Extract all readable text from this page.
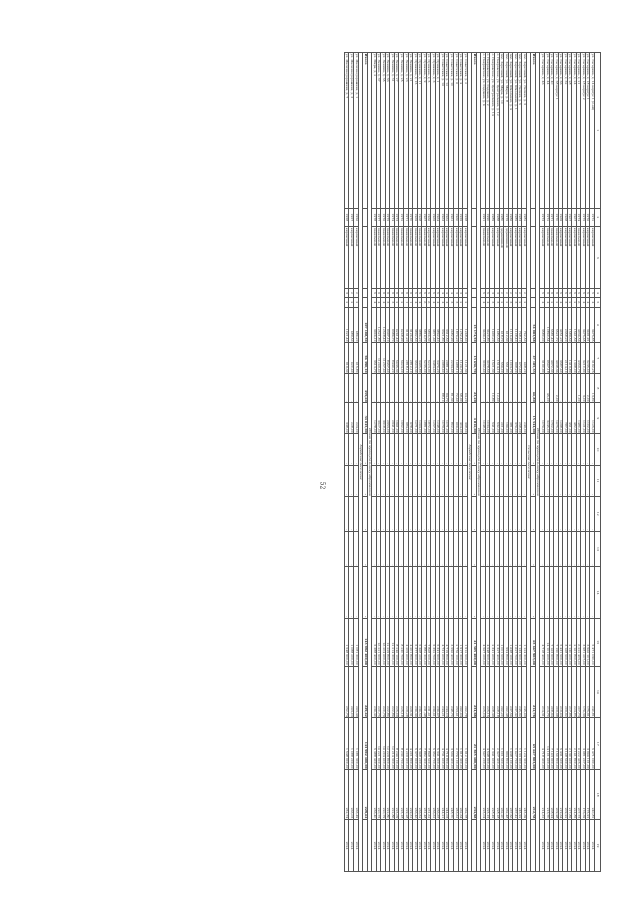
52
1	2	3	4	5	6	7	8	9	10	11	12	13	14	15	16	17	18	19
ул. Гагарина, д. 14 корпус 1 (2-ой)	1972	кирпичный	5	4	3675,85	3192,25	13,80	1125,00	-	-	-	-	-	5 471 090,00	240,81	5 471 090,00	240,81	2024
ул. Гагарина, д. 18 корпус 1	1976	кирпичный	5	4	3691,91	3235,40	2,00	1102,00	-	-	-	-	-	3 966 101,00	175,91	3 966 101,00	175,91	2024
ул. Гагарина, д. 18 корпус 2	1975	кирпичный	5	4	3675,65	3210,90	3,00	1121,00	-	-	-	-	-	3 981 207,00	176,39	3 981 207,00	176,39	2024
ул. Гагарина, д. 21	1974	панельный	5	6	4936,56	4359,76	1,00	1480,00	-	-	-	-	-	6 222 405,00	207,73	6 222 405,00	207,73	2024
ул. Гагарина, д. 24	1967	кирпичный	5	2	1561,50	1398,00	-	482,00	-	-	-	-	-	2 161 800,00	224,85	2 161 800,00	224,85	2024
ул. Гагарина, д. 28	1967	кирпичный	5	2	1589,50	1419,80	-	451,00	-	-	-	-	-	2 130 600,00	217,85	2 130 600,00	217,85	2024
ул. Гагарина, д. 32	1968	кирпичный	5	3	2358,20	2114,10	-	787,00	-	-	-	-	-	3 168 500,00	209,92	3 168 500,00	209,92	2024
ул. Гагарина, д. 36	1969	кирпичный	5	4	4051,20	3587,40	-	1298,00	-	-	-	-	-	5 431 500,00	219,64	5 431 500,00	219,64	2024
ул. Гагарина, д. 38 корпус 1	1970	панельный	9	2	5521,72	4938,34	2,00	1675,00	-	-	-	-	-	7 150 800,00	209,98	7 150 800,00	209,98	2024
ул. Гагарина, д. 40	1971	панельный	9	2	5581,40	4972,30	-	1702,00	-	-	-	-	-	7 163 900,00	208,94	7 163 900,00	208,94	2024
ул. Гагарина, д. 44	1972	панельный	9	4	10860,54	9567,18	45,00	3245,00	-	-	-	-	-	14 101 600,00	213,70	14 101 600,00	213,70	2024
ул. Гагарина, д. 46	1973	кирпичный	5	4	3580,00	3190,90	-	1076,00	-	-	-	-	-	4 718 400,00	214,31	4 718 400,00	214,31	2024
Итого по муниципальному образованию																		
Итого					54 083,98	47 185,33	66,80	15 544,00	-	-	-	-	-	65 667 903,00	212,78	65 667 903,00	212,78	
Сельское поселение																		
пос. Заречный, ул. Лесная, д. 3	1982	кирпичный	2	2	742,50	668,20	-	249,00	-	-	-	-	-	1 124 300,00	245,69	1 124 300,00	245,69	2024
пос. Заречный, ул. Лесная, д. 5	1983	кирпичный	2	2	748,10	672,40	-	258,00	-	-	-	-	-	1 133 900,00	245,92	1 133 900,00	245,92	2024
пос. Заречный, ул. Школьная, д. 1	1985	кирпичный	2	3	1108,40	998,20	-	376,00	-	-	-	-	-	1 627 700,00	237,42	1 627 700,00	237,42	2024
пос. Заречный, ул. Школьная, д. 4	1986	кирпичный	2	3	1114,90	1003,70	-	381,00	-	-	-	-	-	1 638 100,00	237,56	1 638 100,00	237,56	2024
пос. Заречный, ул. Мира, д. 8	1979	деревянный	2	2	612,30	551,90	-	196,00	-	-	-	-	-	994 800,00	262,48	994 800,00	262,48	2024
пос. Заречный, ул. Мира, д. 10	1980	деревянный	2	2	618,70	556,00	-	201,00	-	-	-	-	-	1 001 500,00	262,20	1 001 500,00	262,20	2024
с. Покровское, ул. Центральная, д. 12	1988	кирпичный	3	3	1682,50	1514,10	12,40	532,00	-	-	-	-	-	2 327 400,00	228,18	2 327 400,00	228,18	2024
с. Покровское, ул. Центральная, д. 14	1989	кирпичный	3	3	1690,20	1521,30	10,80	541,00	-	-	-	-	-	2 341 600,00	228,49	2 341 600,00	228,49	2024
с. Покровское, ул. Садовая, д. 2	1990	панельный	5	4	3420,80	3078,50	-	1034,00	-	-	-	-	-	4 548 900,00	225,15	4 548 900,00	225,15	2024
с. Покровское, ул. Садовая, д. 6	1991	панельный	5	4	3436,10	3092,40	-	1048,00	-	-	-	-	-	4 567 200,00	225,04	4 567 200,00	225,04	2024
Итого по муниципальному образованию																		
Итого					15 174,50	13 656,70	23,20	4 816,00	-	-	-	-	-	21 305 400,00	234,98	21 305 400,00	234,98	
Городское поселение																		
ул. Советская, д. 2	1958	кирпичный	3	2	1248,60	1121,30	64,20	398,00	-	-	-	-	-	1 912 500,00	262,78	1 912 500,00	262,78	2024
ул. Советская, д. 4	1959	кирпичный	3	2	1252,40	1126,70	58,90	404,00	-	-	-	-	-	1 917 300,00	262,64	1 917 300,00	262,64	2024
ул. Советская, д. 6	1960	кирпичный	3	3	1876,20	1688,10	72,40	606,00	-	-	-	-	-	2 776 100,00	253,61	2 776 100,00	253,61	2024
ул. Советская, д. 10	1961	кирпичный	4	3	2482,90	2234,60	81,30	802,00	-	-	-	-	-	3 596 400,00	248,70	3 596 400,00	248,70	2024
ул. Советская, д. 12	1962	кирпичный	4	4	3312,50	2981,20	94,70	1071,00	-	-	-	-	-	4 719 800,00	244,03	4 719 800,00	244,03	2024
ул. Советская, д. 16	1963	кирпичный	4	4	3321,80	2989,60	88,10	1079,00	-	-	-	-	-	4 731 600,00	244,21	4 731 600,00	244,21	2024
ул. Пушкина, д. 1	1964	кирпичный	5	4	3862,40	3476,20	-	1248,00	-	-	-	-	-	5 341 900,00	236,67	5 341 900,00	236,67	2024
ул. Пушкина, д. 3	1965	кирпичный	5	4	3871,60	3484,40	-	1257,00	-	-	-	-	-	5 352 700,00	236,61	5 352 700,00	236,61	2024
ул. Пушкина, д. 5	1966	кирпичный	5	6	5804,30	5223,90	-	1872,00	-	-	-	-	-	7 868 500,00	231,61	7 868 500,00	231,61	2024
ул. Пушкина, д. 9	1967	панельный	5	6	5816,70	5235,00	-	1881,00	-	-	-	-	-	7 882 300,00	231,48	7 882 300,00	231,48	2024
ул. Пушкина, д. 11	1968	панельный	5	4	3884,20	3495,80	-	1264,00	-	-	-	-	-	5 368 200,00	236,52	5 368 200,00	236,52	2024
ул. Пушкина, д. 15	1969	панельный	5	4	3892,50	3503,30	-	1271,00	-	-	-	-	-	5 377 900,00	236,46	5 377 900,00	236,46	2024
ул. Ленина, д. 21	1970	панельный	9	1	3124,60	2812,10	-	978,00	-	-	-	-	-	4 201 800,00	229,31	4 201 800,00	229,31	2024
ул. Ленина, д. 23	1971	панельный	9	1	3131,20	2818,10	-	984,00	-	-	-	-	-	4 209 600,00	229,28	4 209 600,00	229,28	2024
ул. Ленина, д. 25	1972	панельный	9	2	6248,90	5624,00	-	1952,00	-	-	-	-	-	8 230 700,00	225,18	8 230 700,00	225,18	2024
ул. Ленина, д. 27	1973	панельный	9	2	6261,40	5635,30	-	1961,00	-	-	-	-	-	8 246 100,00	225,09	8 246 100,00	225,09	2024
ул. Ленина, д. 31	1974	панельный	9	3	9384,70	8446,20	-	2941,00	-	-	-	-	-	12 214 300,00	222,86	12 214 300,00	222,86	2024
ул. Ленина, д. 33	1975	панельный	9	3	9397,10	8457,40	-	2953,00	-	-	-	-	-	12 229 800,00	222,80	12 229 800,00	222,80	2024
ул. Ленина, д. 35	1976	панельный	9	4	12508,40	11257,60	-	3918,00	-	-	-	-	-	16 204 600,00	220,79	16 204 600,00	220,79	2024
ул. Ленина, д. 37	1977	панельный	9	4	12521,80	11269,60	-	3927,00	-	-	-	-	-	16 221 900,00	220,75	16 221 900,00	220,75	2024
ул. Мира, д. 2	1978	панельный	5	4	3904,10	3513,70	-	1278,00	-	-	-	-	-	5 388 400,00	236,40	5 388 400,00	236,40	2024
Итого по муниципальному образованию																		
Итого					107 108,30	96 390,10	459,60	34 045,00	-	-	-	-	-	143 992 400,00	229,62	143 992 400,00	229,62	
Городское поселение																		
ул. Железнодорожная, д. 1	1956	кирпичный	2	2	684,20	615,80	-	224,00	-	-	-	-	-	1 081 300,00	263,49	1 081 300,00	263,49	2024
ул. Железнодорожная, д. 3	1957	кирпичный	2	2	689,50	620,60	-	228,00	-	-	-	-	-	1 088 200,00	263,03	1 088 200,00	263,03	2024
ул. Железнодорожная, д. 7	1958	кирпичный	3	2	1021,40	919,30	-	338,00	-	-	-	-	-	1 548 900,00	252,74	1 548 900,00	252,74	2024
